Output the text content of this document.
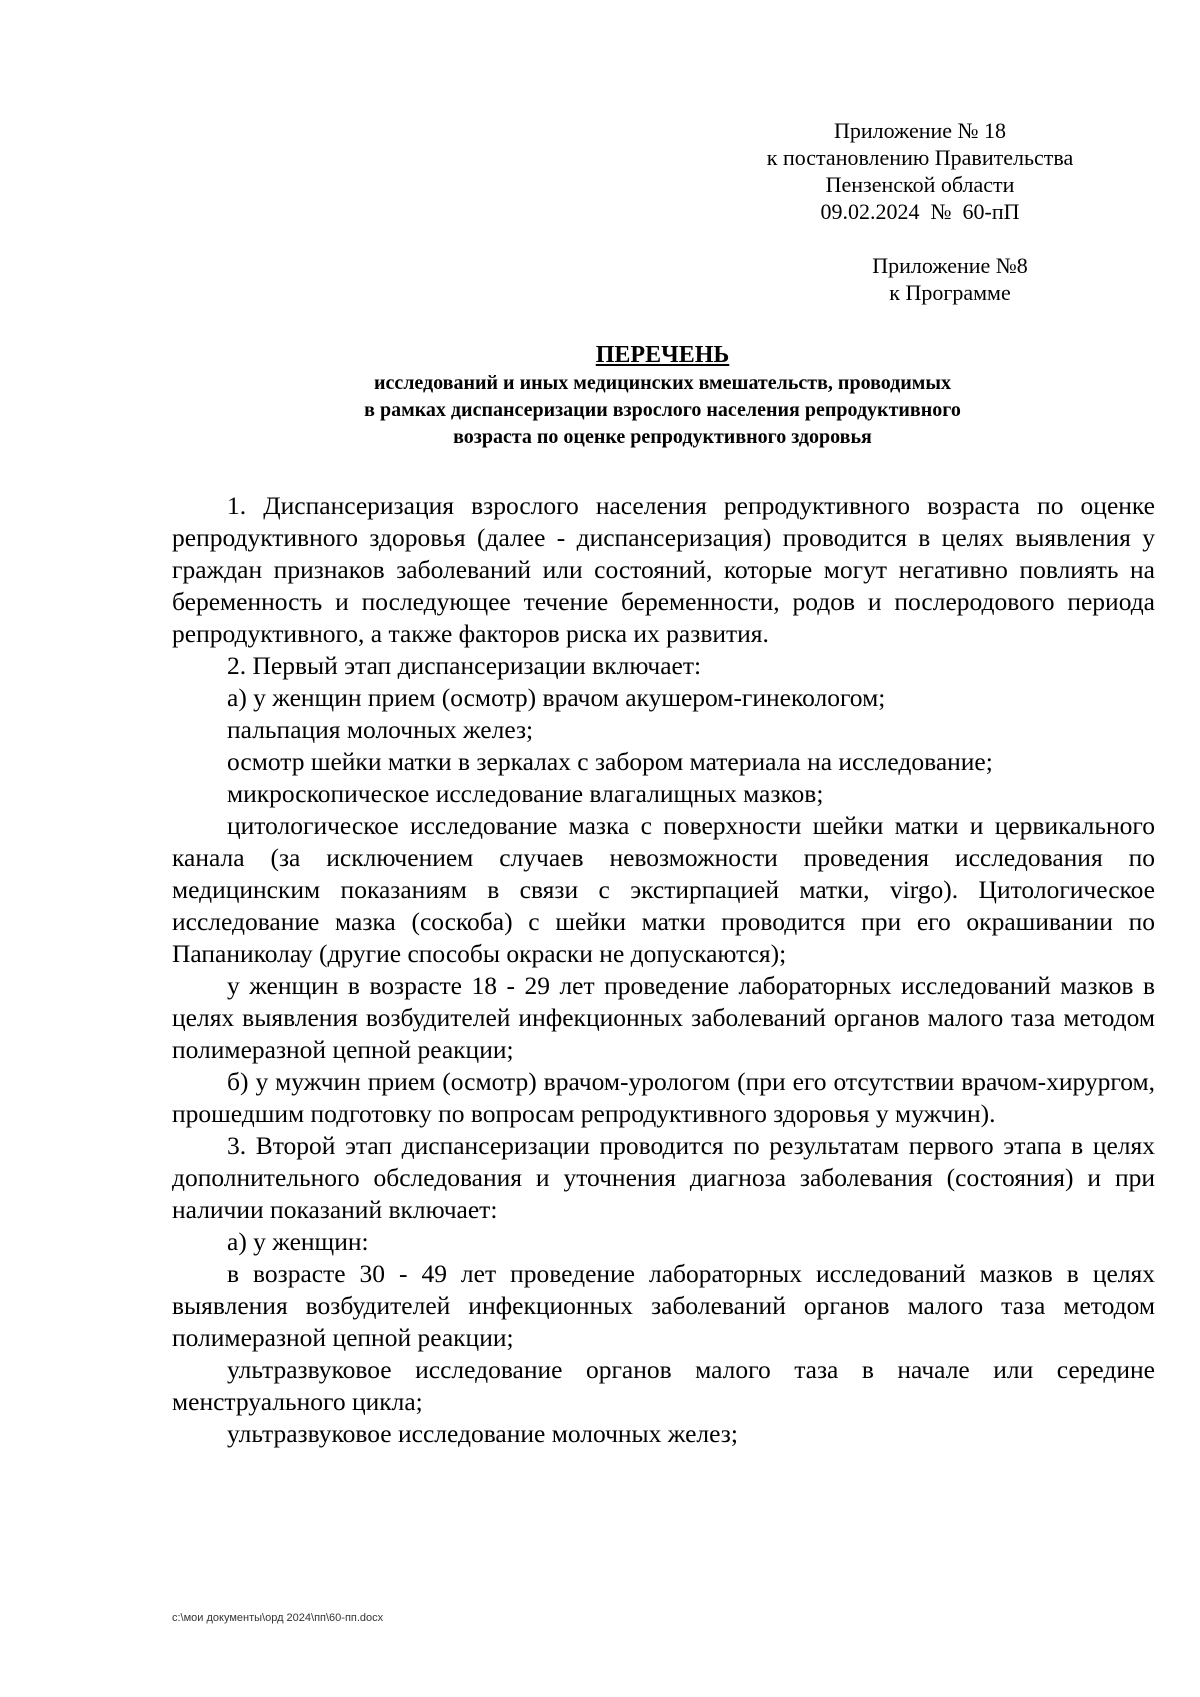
Приложение № 18
к постановлению Правительства
Пензенской области
09.02.2024  №  60-пП
Приложение №8
к Программе
ПЕРЕЧЕНЬ
исследований и иных медицинских вмешательств, проводимых
в рамках диспансеризации взрослого населения репродуктивного
возраста по оценке репродуктивного здоровья

1. Диспансеризация взрослого населения репродуктивного возраста по оценке репродуктивного здоровья (далее - диспансеризация) проводится в целях выявления у граждан признаков заболеваний или состояний, которые могут негативно повлиять на беременность и последующее течение беременности, родов и послеродового периода репродуктивного, а также факторов риска их развития.

2. Первый этап диспансеризации включает:

а) у женщин прием (осмотр) врачом акушером-гинекологом;

пальпация молочных желез;

осмотр шейки матки в зеркалах с забором материала на исследование;

микроскопическое исследование влагалищных мазков;

цитологическое исследование мазка с поверхности шейки матки и цервикального канала (за исключением случаев невозможности проведения исследования по медицинским показаниям в связи с экстирпацией матки, virgo). Цитологическое исследование мазка (соскоба) с шейки матки проводится при его окрашивании по Папаниколау (другие способы окраски не допускаются);

у женщин в возрасте 18 - 29 лет проведение лабораторных исследований мазков в целях выявления возбудителей инфекционных заболеваний органов малого таза методом полимеразной цепной реакции;

б) у мужчин прием (осмотр) врачом-урологом (при его отсутствии врачом-хирургом, прошедшим подготовку по вопросам репродуктивного здоровья у мужчин).

3. Второй этап диспансеризации проводится по результатам первого этапа в целях дополнительного обследования и уточнения диагноза заболевания (состояния) и при наличии показаний включает:

а) у женщин:

в возрасте 30 - 49 лет проведение лабораторных исследований мазков в целях выявления возбудителей инфекционных заболеваний органов малого таза методом полимеразной цепной реакции;

ультразвуковое исследование органов малого таза в начале или середине менструального цикла;

ультразвуковое исследование молочных желез;

c:\мои документы\орд 2024\пп\60-пп.docx
